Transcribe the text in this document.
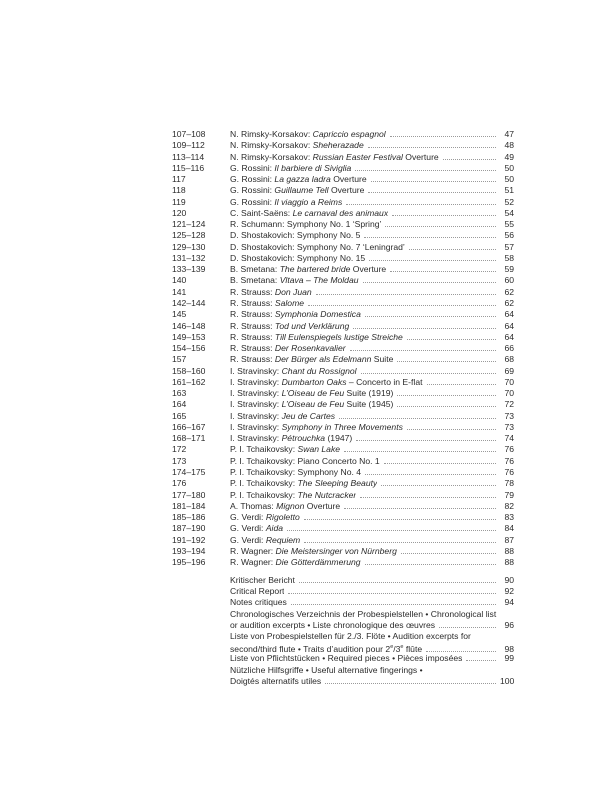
107–108	N. Rimsky-Korsakov: Capriccio espagnol	47
109–112	N. Rimsky-Korsakov: Sheherazade	48
113–114	N. Rimsky-Korsakov: Russian Easter Festival Overture	49
115–116	G. Rossini: Il barbiere di Siviglia	50
117	G. Rossini: La gazza ladra Overture	50
118	G. Rossini: Guillaume Tell Overture	51
119	G. Rossini: Il viaggio a Reims	52
120	C. Saint-Saëns: Le carnaval des animaux	54
121–124	R. Schumann: Symphony No. 1 ‘Spring’	55
125–128	D. Shostakovich: Symphony No. 5	56
129–130	D. Shostakovich: Symphony No. 7 ‘Leningrad’	57
131–132	D. Shostakovich: Symphony No. 15	58
133–139	B. Smetana: The bartered bride Overture	59
140	B. Smetana: Vltava – The Moldau	60
141	R. Strauss: Don Juan	62
142–144	R. Strauss: Salome	62
145	R. Strauss: Symphonia Domestica	64
146–148	R. Strauss: Tod und Verklärung	64
149–153	R. Strauss: Till Eulenspiegels lustige Streiche	64
154–156	R. Strauss: Der Rosenkavalier	66
157	R. Strauss: Der Bürger als Edelmann Suite	68
158–160	I. Stravinsky: Chant du Rossignol	69
161–162	I. Stravinsky: Dumbarton Oaks – Concerto in E-flat	70
163	I. Stravinsky: L’Oiseau de Feu Suite (1919)	70
164	I. Stravinsky: L’Oiseau de Feu Suite (1945)	72
165	I. Stravinsky: Jeu de Cartes	73
166–167	I. Stravinsky: Symphony in Three Movements	73
168–171	I. Stravinsky: Pétrouchka (1947)	74
172	P. I. Tchaikovsky: Swan Lake	76
173	P. I. Tchaikovsky: Piano Concerto No. 1	76
174–175	P. I. Tchaikovsky: Symphony No. 4	76
176	P. I. Tchaikovsky: The Sleeping Beauty	78
177–180	P. I. Tchaikovsky: The Nutcracker	79
181–184	A. Thomas: Mignon Overture	82
185–186	G. Verdi: Rigoletto	83
187–190	G. Verdi: Aida	84
191–192	G. Verdi: Requiem	87
193–194	R. Wagner: Die Meistersinger von Nürnberg	88
195–196	R. Wagner: Die Götterdämmerung	88
Kritischer Bericht	90
Critical Report	92
Notes critiques	94
Chronologisches Verzeichnis der Probespielstellen • Chronological list
or audition excerpts • Liste chronologique des œuvres	96
Liste von Probespielstellen für 2./3. Flöte • Audition excerpts for
second/third flute • Traits d’audition pour 2e/3e flûte	98
Liste von Pflichtstücken • Required pieces • Pièces imposées	99
Nützliche Hilfsgriffe • Useful alternative fingerings •
Doigtés alternatifs utiles	100
